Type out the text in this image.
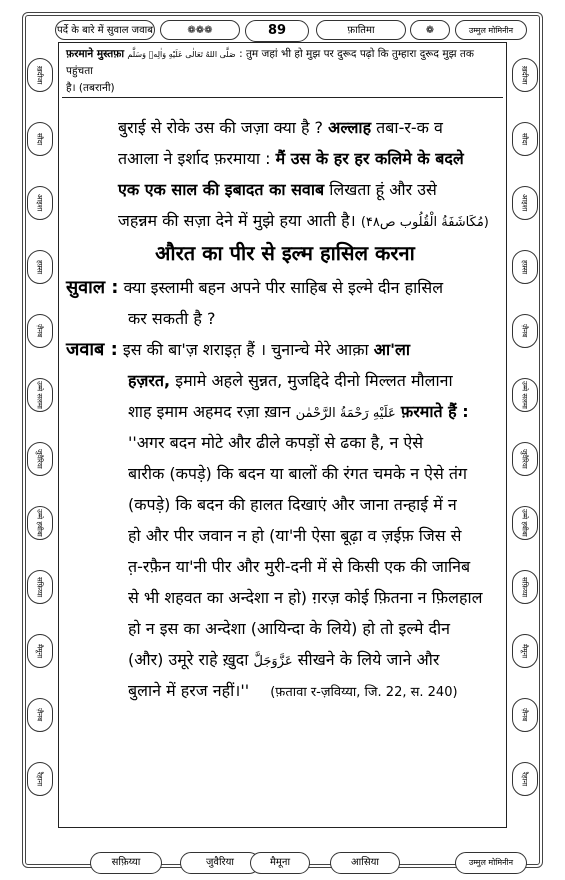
पर्दे के बारे में सुवाल जवाब	❁❁❁	89	फ़ातिमा	❁	उम्मुल मोमिनीन
ख़दीजा
सौदा
आइशा
हफ़्सा
ज़ैनब
उम्मे सलमा
जुवैरिया
उम्मे हबीबा
सफ़िय्या
मैमूना
ज़ैनब
रैहाना
ख़दीजा
सौदा
आइशा
हफ़्सा
ज़ैनब
उम्मे सलमा
जुवैरिया
उम्मे हबीबा
सफ़िय्या
मैमूना
ज़ैनब
रैहाना
फ़रमाने मुस्तफ़ा صَلَّى اللهُ تَعَالٰى عَلَيْهِ وَاٰلِهٖ وَسَلَّم : तुम जहां भी हो मुझ पर दुरूद पढ़ो कि तुम्हारा दुरूद मुझ तक पहुंचता
है। (तबरानी)
बुराई से रोके उस की जज़ा क्या है ? अल्लाह तबा-र-क व
तआला ने इर्शाद फ़रमाया : मैं उस के हर हर कलिमे के बदले
एक एक साल की इबादत का सवाब लिखता हूं और उसे
जहन्नम की सज़ा देने में मुझे हया आती है। (مُكَاشَفَةُ الْقُلُوب ص۴۸)
औरत का पीर से इल्म हासिल करना
सुवाल : क्या इस्लामी बहन अपने पीर साहिब से इल्मे दीन हासिल
कर सकती है ?
जवाब : इस की बा'ज़ शराइत़ हैं । चुनान्चे मेरे आक़ा आ'ला
हज़रत, इमामे अहले सुन्नत, मुजद्दिदे दीनो मिल्लत मौलाना
शाह इमाम अहमद रज़ा ख़ान عَلَيْهِ رَحْمَةُ الرَّحْمٰن फ़रमाते हैं :
''अगर बदन मोटे और ढीले कपड़ों से ढका है, न ऐसे
बारीक (कपड़े) कि बदन या बालों की रंगत चमके न ऐसे तंग
(कपड़े) कि बदन की हालत दिखाएं और जाना तन्हाई में न
हो और पीर जवान न हो (या'नी ऐसा बूढ़ा व ज़ईफ़ जिस से
त़-रफ़ैन या'नी पीर और मुरी-दनी में से किसी एक की जानिब
से भी शहवत का अन्देशा न हो) ग़रज़ कोई फ़ितना न फ़िलहाल
हो न इस का अन्देशा (आयिन्दा के लिये) हो तो इल्मे दीन
(और) उमूरे राहे ख़ुदा عَزَّوَجَلَّ सीखने के लिये जाने और
बुलाने में हरज नहीं।'' (फ़तावा र-ज़विय्या, जि. 22, स. 240)
सफ़िय्या	जुवैरिया	मैमूना	आसिया	उम्मुल मोमिनीन
